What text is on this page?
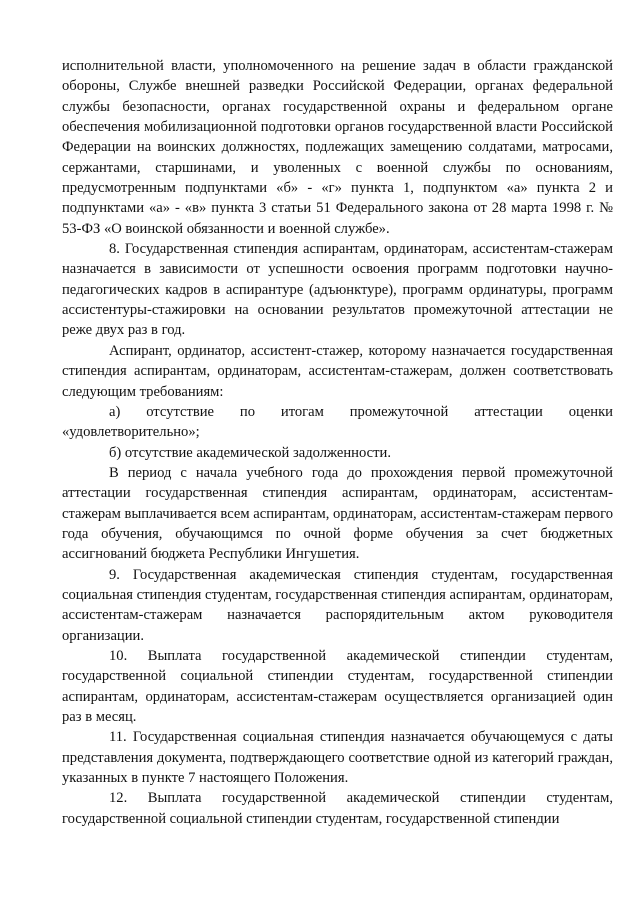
исполнительной власти, уполномоченного на решение задач в области гражданской обороны, Службе внешней разведки Российской Федерации, органах федеральной службы безопасности, органах государственной охраны и федеральном органе обеспечения мобилизационной подготовки органов государственной власти Российской Федерации на воинских должностях, подлежащих замещению солдатами, матросами, сержантами, старшинами, и уволенных с военной службы по основаниям, предусмотренным подпунктами «б» - «г» пункта 1, подпунктом «а» пункта 2 и подпунктами «а» - «в» пункта 3 статьи 51 Федерального закона от 28 марта 1998 г. № 53-ФЗ «О воинской обязанности и военной службе».

8. Государственная стипендия аспирантам, ординаторам, ассистентам-стажерам назначается в зависимости от успешности освоения программ подготовки научно-педагогических кадров в аспирантуре (адъюнктуре), программ ординатуры, программ ассистентуры-стажировки на основании результатов промежуточной аттестации не реже двух раз в год.

Аспирант, ординатор, ассистент-стажер, которому назначается государственная стипендия аспирантам, ординаторам, ассистентам-стажерам, должен соответствовать следующим требованиям:

а) отсутствие по итогам промежуточной аттестации оценки «удовлетворительно»;

б) отсутствие академической задолженности.

В период с начала учебного года до прохождения первой промежуточной аттестации государственная стипендия аспирантам, ординаторам, ассистентам-стажерам выплачивается всем аспирантам, ординаторам, ассистентам-стажерам первого года обучения, обучающимся по очной форме обучения за счет бюджетных ассигнований бюджета Республики Ингушетия.

9. Государственная академическая стипендия студентам, государственная социальная стипендия студентам, государственная стипендия аспирантам, ординаторам, ассистентам-стажерам назначается распорядительным актом руководителя организации.

10. Выплата государственной академической стипендии студентам, государственной социальной стипендии студентам, государственной стипендии аспирантам, ординаторам, ассистентам-стажерам осуществляется организацией один раз в месяц.

11. Государственная социальная стипендия назначается обучающемуся с даты представления документа, подтверждающего соответствие одной из категорий граждан, указанных в пункте 7 настоящего Положения.

12. Выплата государственной академической стипендии студентам, государственной социальной стипендии студентам, государственной стипендии
